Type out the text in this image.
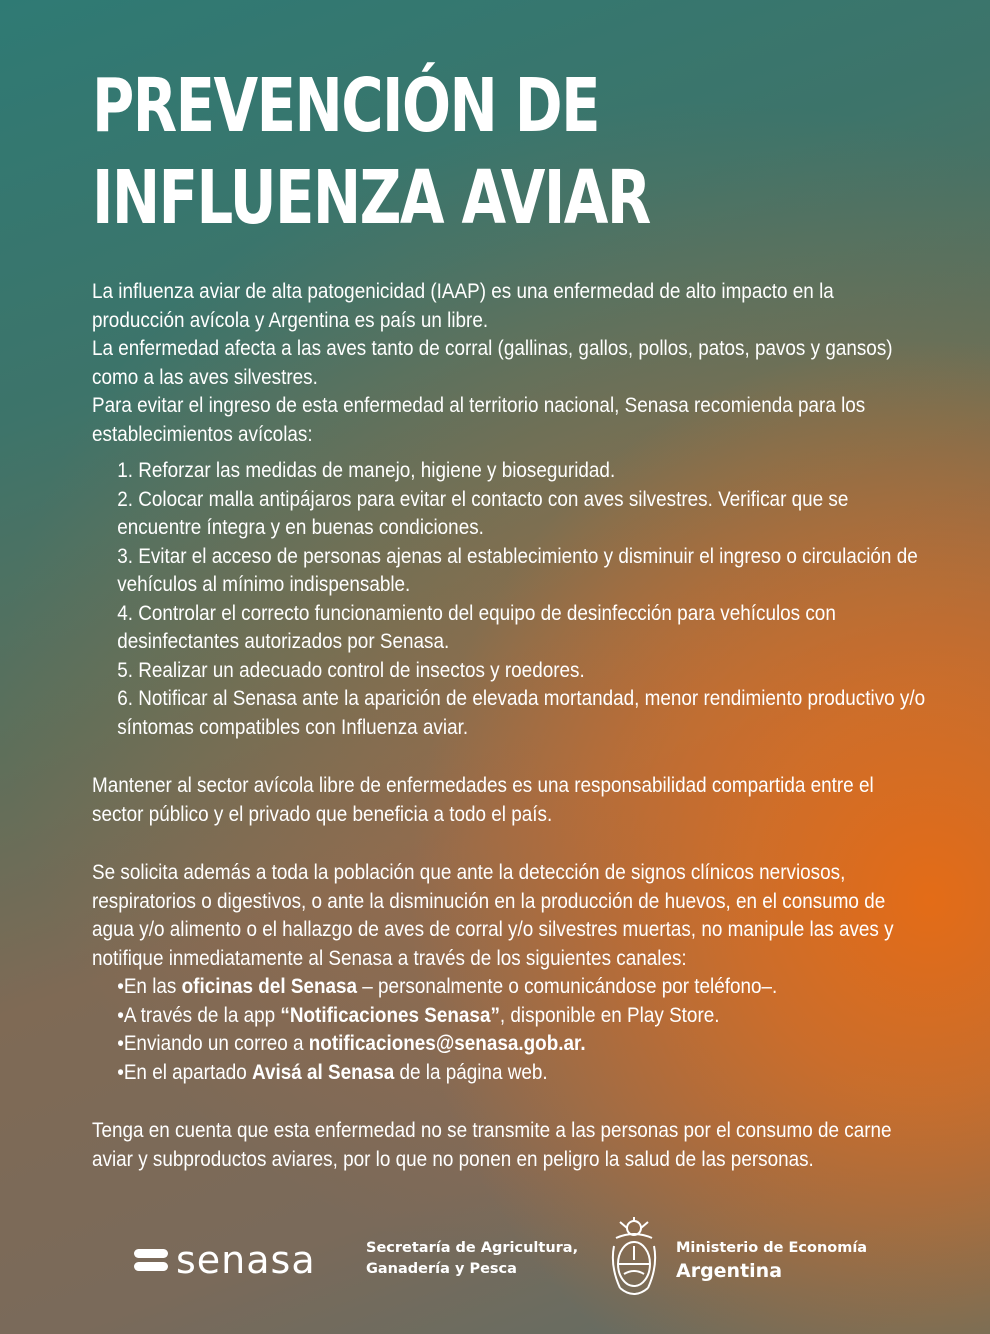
PREVENCIÓN DE
INFLUENZA AVIAR

La influenza aviar de alta patogenicidad (IAAP) es una enfermedad de alto impacto en la producción avícola y Argentina es país un libre.

La enfermedad afecta a las aves tanto de corral (gallinas, gallos, pollos, patos, pavos y gansos) como a las aves silvestres.

Para evitar el ingreso de esta enfermedad al territorio nacional, Senasa recomienda para los establecimientos avícolas:

1. Reforzar las medidas de manejo, higiene y bioseguridad.
2. Colocar malla antipájaros para evitar el contacto con aves silvestres. Verificar que se encuentre íntegra y en buenas condiciones.
3. Evitar el acceso de personas ajenas al establecimiento y disminuir el ingreso o circulación de vehículos al mínimo indispensable.
4. Controlar el correcto funcionamiento del equipo de desinfección para vehículos con desinfectantes autorizados por Senasa.
5. Realizar un adecuado control de insectos y roedores.
6. Notificar al Senasa ante la aparición de elevada mortandad, menor rendimiento productivo y/o síntomas compatibles con Influenza aviar.

Mantener al sector avícola libre de enfermedades es una responsabilidad compartida entre el sector público y el privado que beneficia a todo el país.

Se solicita además a toda la población que ante la detección de signos clínicos nerviosos, respiratorios o digestivos, o ante la disminución en la producción de huevos, en el consumo de agua y/o alimento o el hallazgo de aves de corral y/o silvestres muertas, no manipule las aves y notifique inmediatamente al Senasa a través de los siguientes canales:

• En las oficinas del Senasa – personalmente o comunicándose por teléfono–.
• A través de la app “Notificaciones Senasa”, disponible en Play Store.
• Enviando un correo a notificaciones@senasa.gob.ar.
• En el apartado Avisá al Senasa de la página web.

Tenga en cuenta que esta enfermedad no se transmite a las personas por el consumo de carne aviar y subproductos aviares, por lo que no ponen en peligro la salud de las personas.

senasa	Secretaría de Agricultura,
Ganadería y Pesca
Ministerio de Economía
Argentina
